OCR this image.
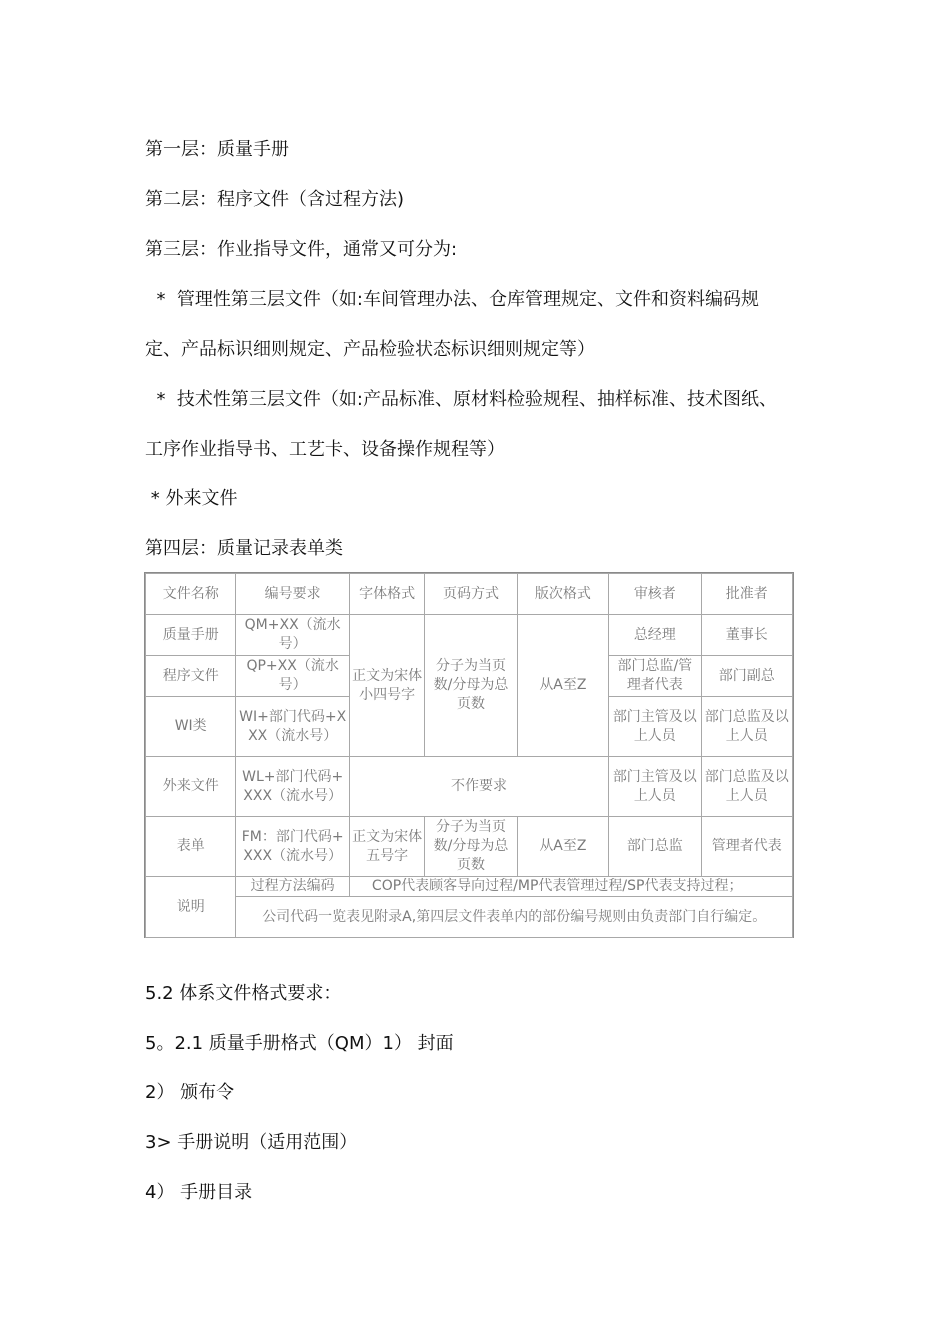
第一层：质量手册
第二层：程序文件（含过程方法)
第三层：作业指导文件，通常又可分为:
*  管理性第三层文件（如:车间管理办法、仓库管理规定、文件和资料编码规
定、产品标识细则规定、产品检验状态标识细则规定等）
*  技术性第三层文件（如:产品标准、原材料检验规程、抽样标准、技术图纸、
工序作业指导书、工艺卡、设备操作规程等）
* 外来文件
第四层：质量记录表单类
文件名称	编号要求	字体格式	页码方式	版次格式	审核者	批准者
质量手册	QM+XX（流水号）	正文为宋体小四号字	分子为当页数/分母为总页数	从A至Z	总经理	董事长
程序文件	QP+XX（流水号）				部门总监/管理者代表	部门副总
WI类	WI+部门代码+XXX（流水号）				部门主管及以上人员	部门总监及以上人员
外来文件	WL+部门代码+XXX（流水号）	不作要求			部门主管及以上人员	部门总监及以上人员
表单	FM：部门代码+XXX（流水号）	正文为宋体五号字	分子为当页数/分母为总页数	从A至Z	部门总监	管理者代表
说明	过程方法编码	COP代表顾客导向过程/MP代表管理过程/SP代表支持过程；				
	公司代码一览表见附录A,第四层文件表单内的部份编号规则由负责部门自行编定。					
5.2 体系文件格式要求：
5。2.1 质量手册格式（QM）1） 封面
2） 颁布令
3> 手册说明（适用范围）
4） 手册目录
